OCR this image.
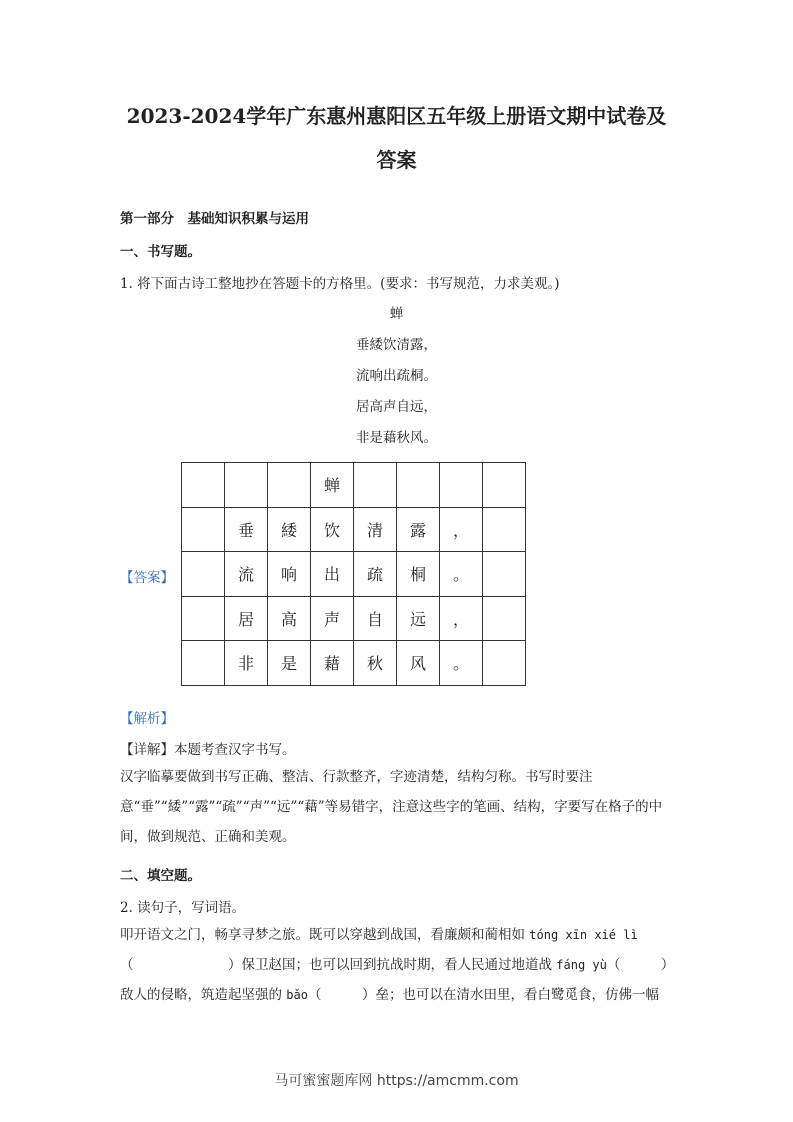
2023-2024学年广东惠州惠阳区五年级上册语文期中试卷及
答案
第一部分　基础知识积累与运用
一、书写题。
1. 将下面古诗工整地抄在答题卡的方格里。(要求：书写规范，力求美观。)
蝉
垂緌饮清露，
流响出疏桐。
居高声自远，
非是藉秋风。
【答案】
			蝉				
	垂	緌	饮	清	露	，	
	流	响	出	疏	桐	。	
	居	高	声	自	远	，	
	非	是	藉	秋	风	。	
【解析】
【详解】本题考查汉字书写。
汉字临摹要做到书写正确、整洁、行款整齐，字迹清楚，结构匀称。书写时要注意“垂”“緌”“露”“疏”“声”“远”“藉”等易错字，注意这些字的笔画、结构，字要写在格子的中间，做到规范、正确和美观。
二、填空题。
2. 读句子，写词语。
叩开语文之门，畅享寻梦之旅。既可以穿越到战国，看廉颇和蔺相如 tóng xīn xié lì（　　　　　　　）保卫赵国；也可以回到抗战时期，看人民通过地道战 fáng yù（　　　）敌人的侵略，筑造起坚强的 bǎo（　　　）垒；也可以在清水田里，看白鹭觅食，仿佛一幅
马可蜜蜜题库网 https://amcmm.com
